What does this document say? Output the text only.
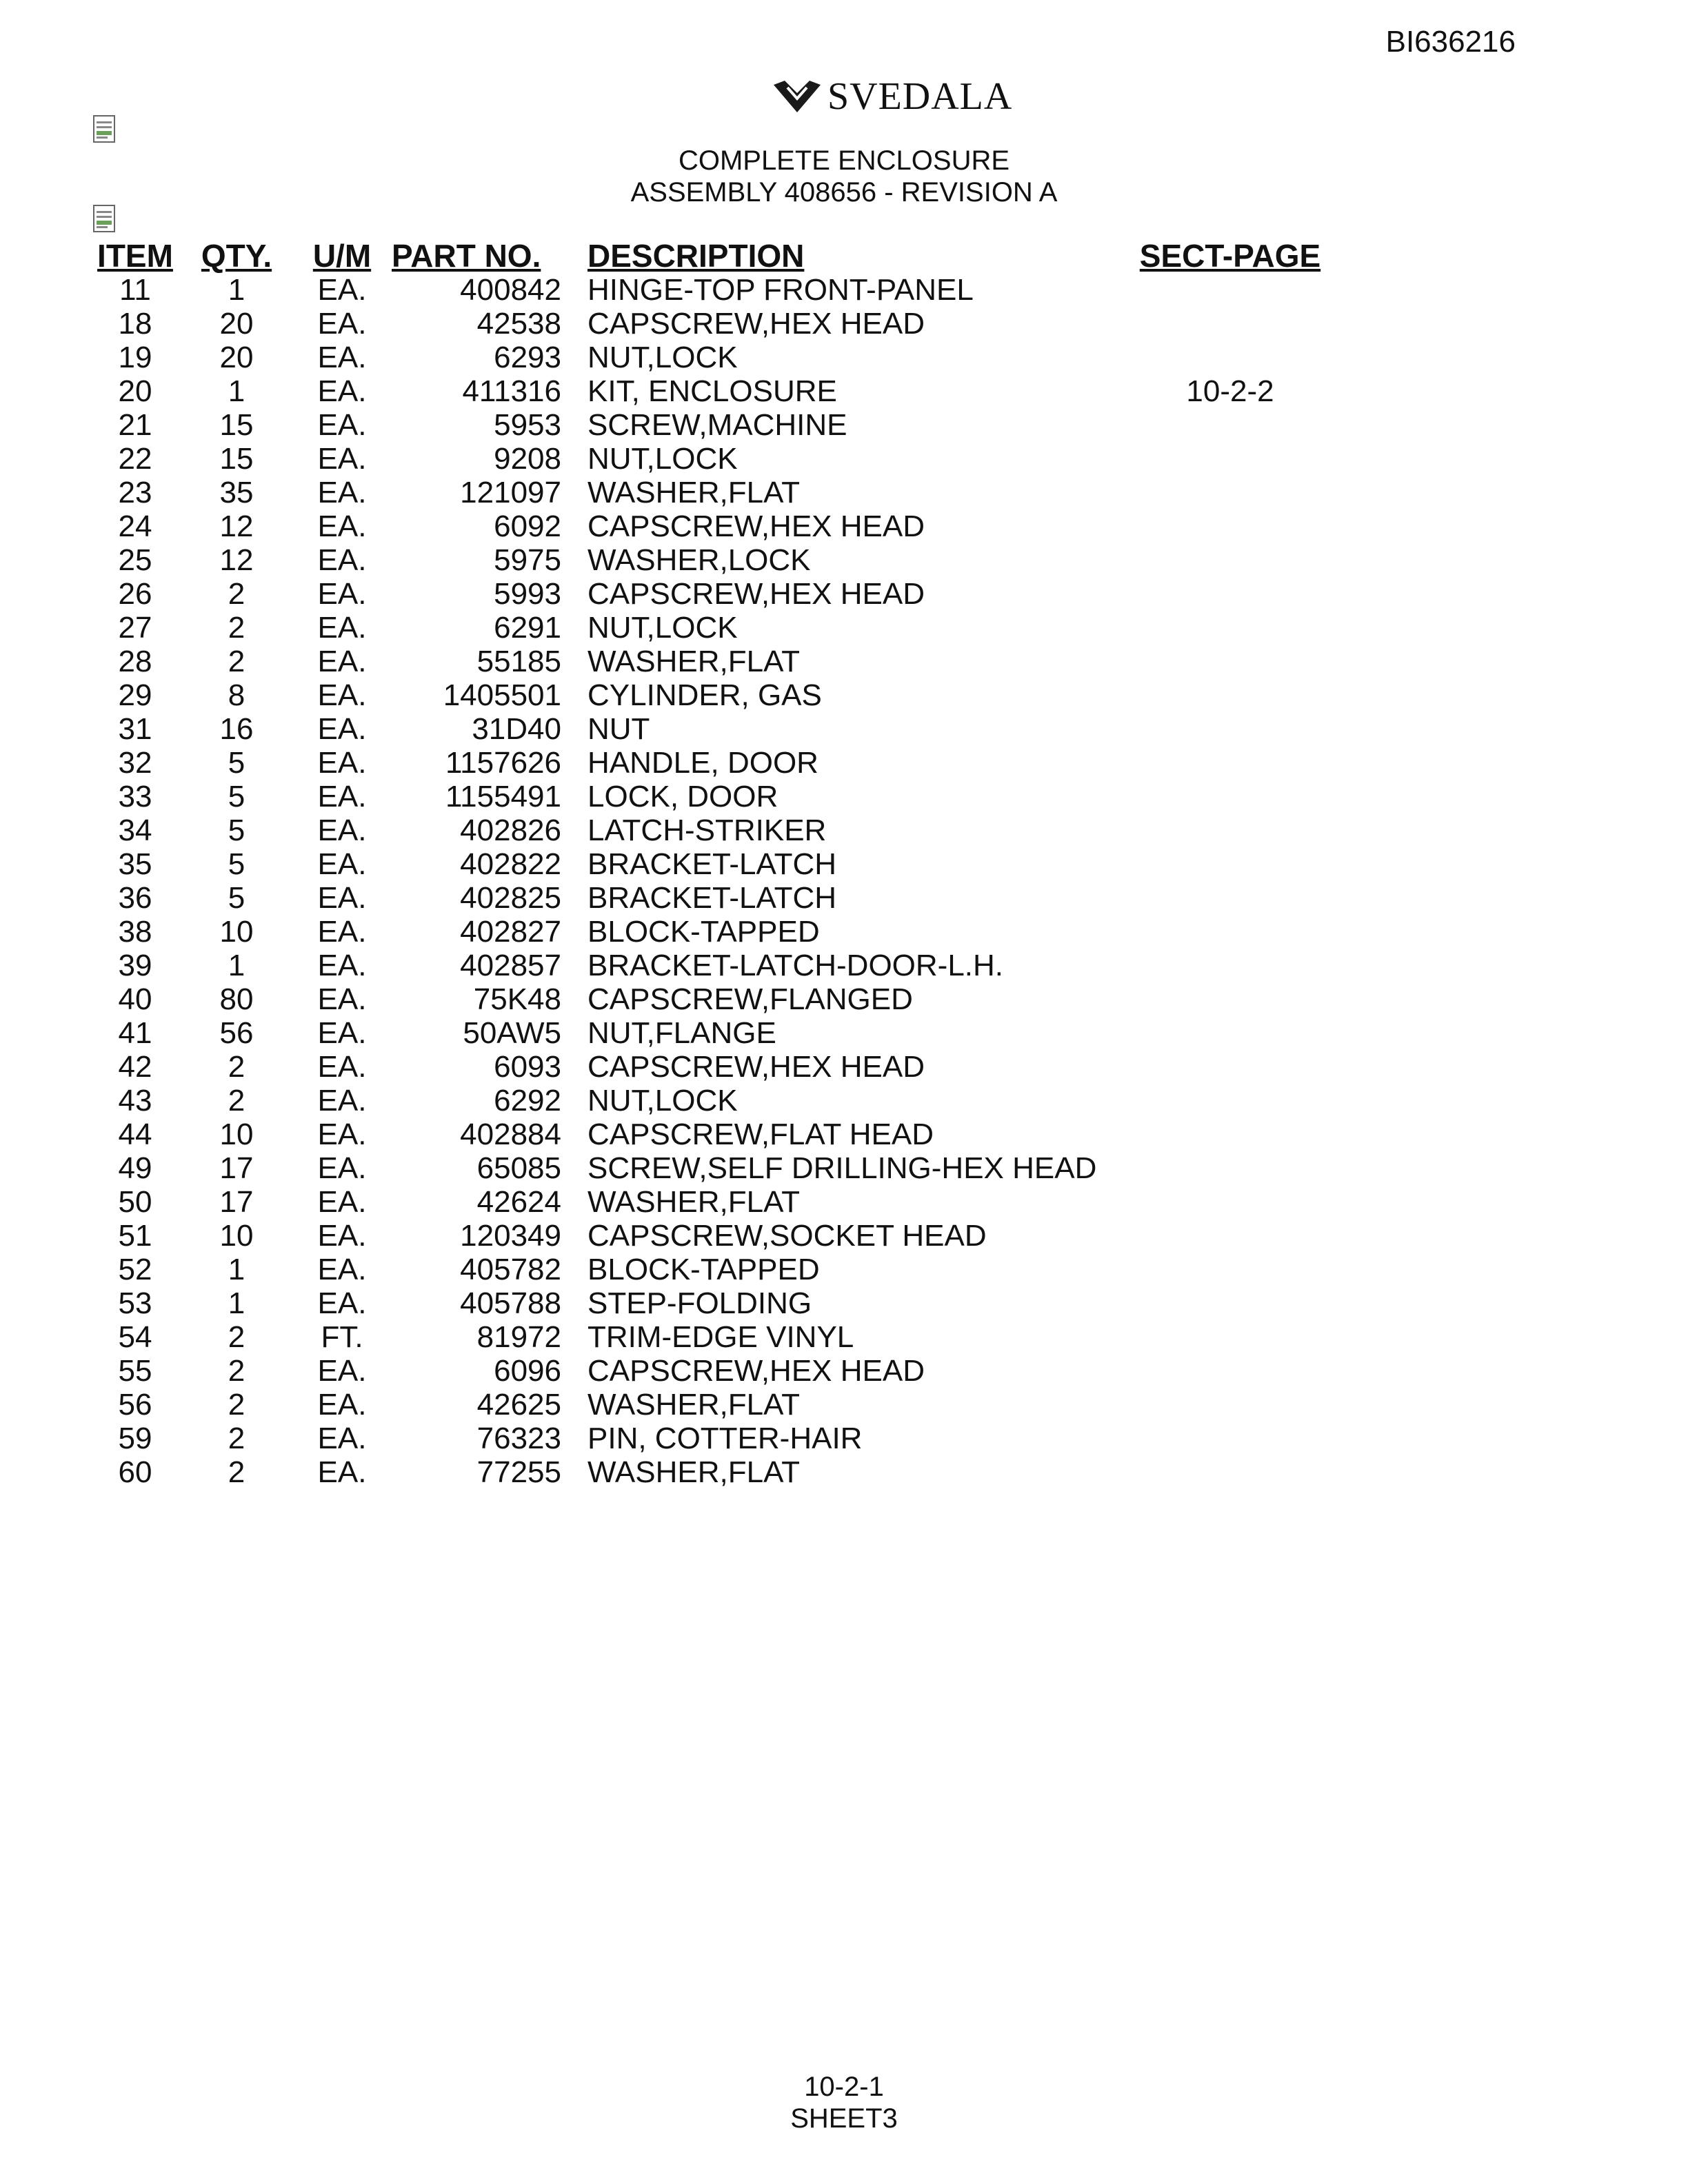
BI636216
SVEDALA
COMPLETE ENCLOSURE
ASSEMBLY 408656 - REVISION A
ITEM	QTY.	U/M	PART NO.	DESCRIPTION	SECT-PAGE
11	1	EA.	400842	HINGE-TOP FRONT-PANEL	
18	20	EA.	42538	CAPSCREW,HEX HEAD	
19	20	EA.	6293	NUT,LOCK	
20	1	EA.	411316	KIT, ENCLOSURE	10-2-2
21	15	EA.	5953	SCREW,MACHINE	
22	15	EA.	9208	NUT,LOCK	
23	35	EA.	121097	WASHER,FLAT	
24	12	EA.	6092	CAPSCREW,HEX HEAD	
25	12	EA.	5975	WASHER,LOCK	
26	2	EA.	5993	CAPSCREW,HEX HEAD	
27	2	EA.	6291	NUT,LOCK	
28	2	EA.	55185	WASHER,FLAT	
29	8	EA.	1405501	CYLINDER, GAS	
31	16	EA.	31D40	NUT	
32	5	EA.	1157626	HANDLE, DOOR	
33	5	EA.	1155491	LOCK, DOOR	
34	5	EA.	402826	LATCH-STRIKER	
35	5	EA.	402822	BRACKET-LATCH	
36	5	EA.	402825	BRACKET-LATCH	
38	10	EA.	402827	BLOCK-TAPPED	
39	1	EA.	402857	BRACKET-LATCH-DOOR-L.H.	
40	80	EA.	75K48	CAPSCREW,FLANGED	
41	56	EA.	50AW5	NUT,FLANGE	
42	2	EA.	6093	CAPSCREW,HEX HEAD	
43	2	EA.	6292	NUT,LOCK	
44	10	EA.	402884	CAPSCREW,FLAT HEAD	
49	17	EA.	65085	SCREW,SELF DRILLING-HEX HEAD	
50	17	EA.	42624	WASHER,FLAT	
51	10	EA.	120349	CAPSCREW,SOCKET HEAD	
52	1	EA.	405782	BLOCK-TAPPED	
53	1	EA.	405788	STEP-FOLDING	
54	2	FT.	81972	TRIM-EDGE VINYL	
55	2	EA.	6096	CAPSCREW,HEX HEAD	
56	2	EA.	42625	WASHER,FLAT	
59	2	EA.	76323	PIN, COTTER-HAIR	
60	2	EA.	77255	WASHER,FLAT	
10-2-1
SHEET3
